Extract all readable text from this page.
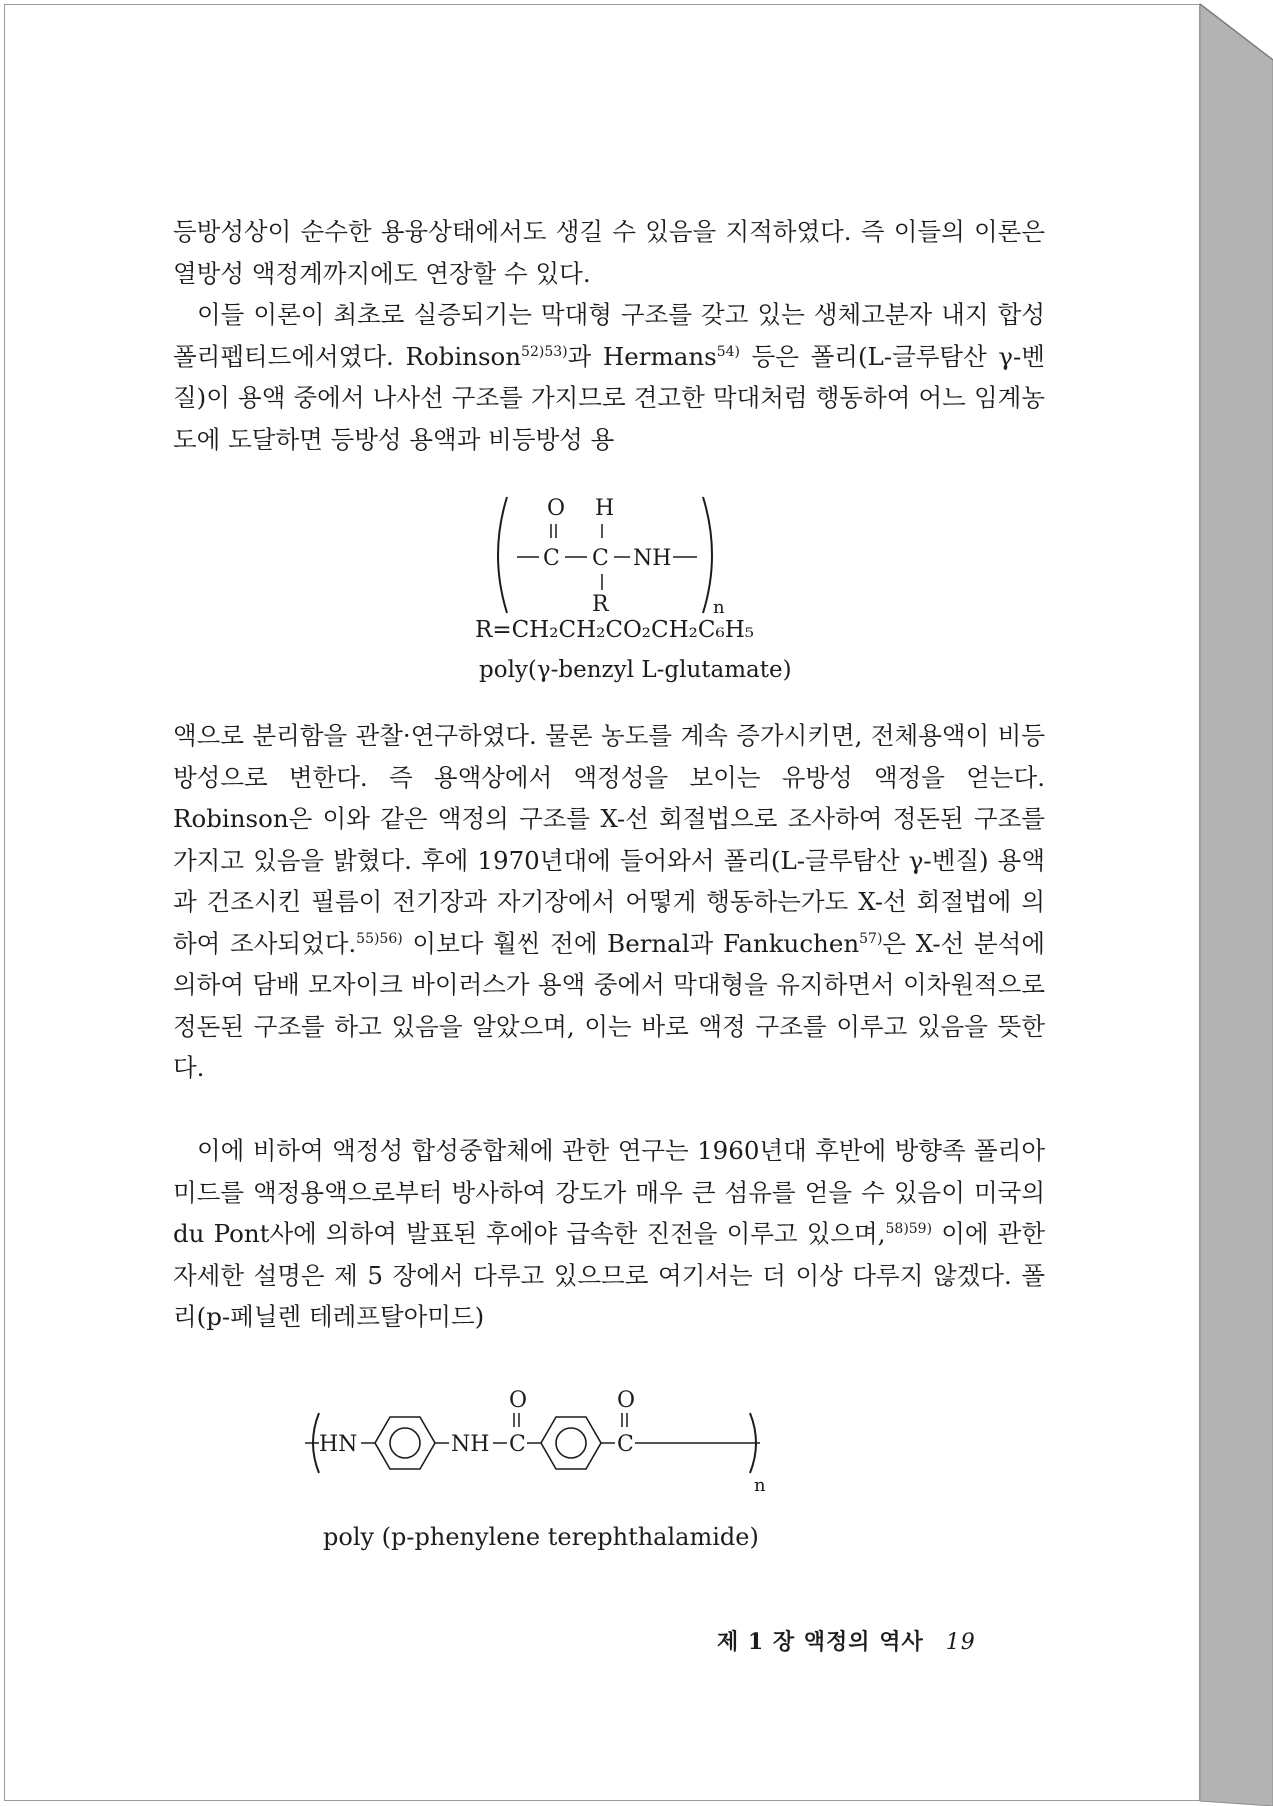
등방성상이 순수한 용융상태에서도 생길 수 있음을 지적하였다. 즉 이들의 이론은 열방성 액정계까지에도 연장할 수 있다.

이들 이론이 최초로 실증되기는 막대형 구조를 갖고 있는 생체고분자 내지 합성 폴리펩티드에서였다. Robinson$^{52)53)}$과 Hermans$^{54)}$ 등은 폴리(L-글루탐산 γ-벤질)이 용액 중에서 나사선 구조를 가지므로 견고한 막대처럼 행동하여 어느 임계농도에 도달하면 등방성 용액과 비등방성 용

O H
C C NH
R	n
R=CH₂CH₂CO₂CH₂C₆H₅
poly(γ-benzyl L-glutamate)

액으로 분리함을 관찰·연구하였다. 물론 농도를 계속 증가시키면, 전체용액이 비등방성으로 변한다. 즉 용액상에서 액정성을 보이는 유방성 액정을 얻는다. Robinson은 이와 같은 액정의 구조를 X-선 회절법으로 조사하여 정돈된 구조를 가지고 있음을 밝혔다. 후에 1970년대에 들어와서 폴리(L-글루탐산 γ-벤질) 용액과 건조시킨 필름이 전기장과 자기장에서 어떻게 행동하는가도 X-선 회절법에 의하여 조사되었다.$^{55)56)}$ 이보다 훨씬 전에 Bernal과 Fankuchen$^{57)}$은 X-선 분석에 의하여 담배 모자이크 바이러스가 용액 중에서 막대형을 유지하면서 이차원적으로 정돈된 구조를 하고 있음을 알았으며, 이는 바로 액정 구조를 이루고 있음을 뜻한다.

이에 비하여 액정성 합성중합체에 관한 연구는 1960년대 후반에 방향족 폴리아미드를 액정용액으로부터 방사하여 강도가 매우 큰 섬유를 얻을 수 있음이 미국의 du Pont사에 의하여 발표된 후에야 급속한 진전을 이루고 있으며,$^{58)59)}$ 이에 관한 자세한 설명은 제 5 장에서 다루고 있으므로 여기서는 더 이상 다루지 않겠다. 폴리(p-페닐렌 테레프탈아미드)

HN	NH C
O
C
O
n
poly (p-phenylene terephthalamide)
제 1 장 액정의 역사 19
